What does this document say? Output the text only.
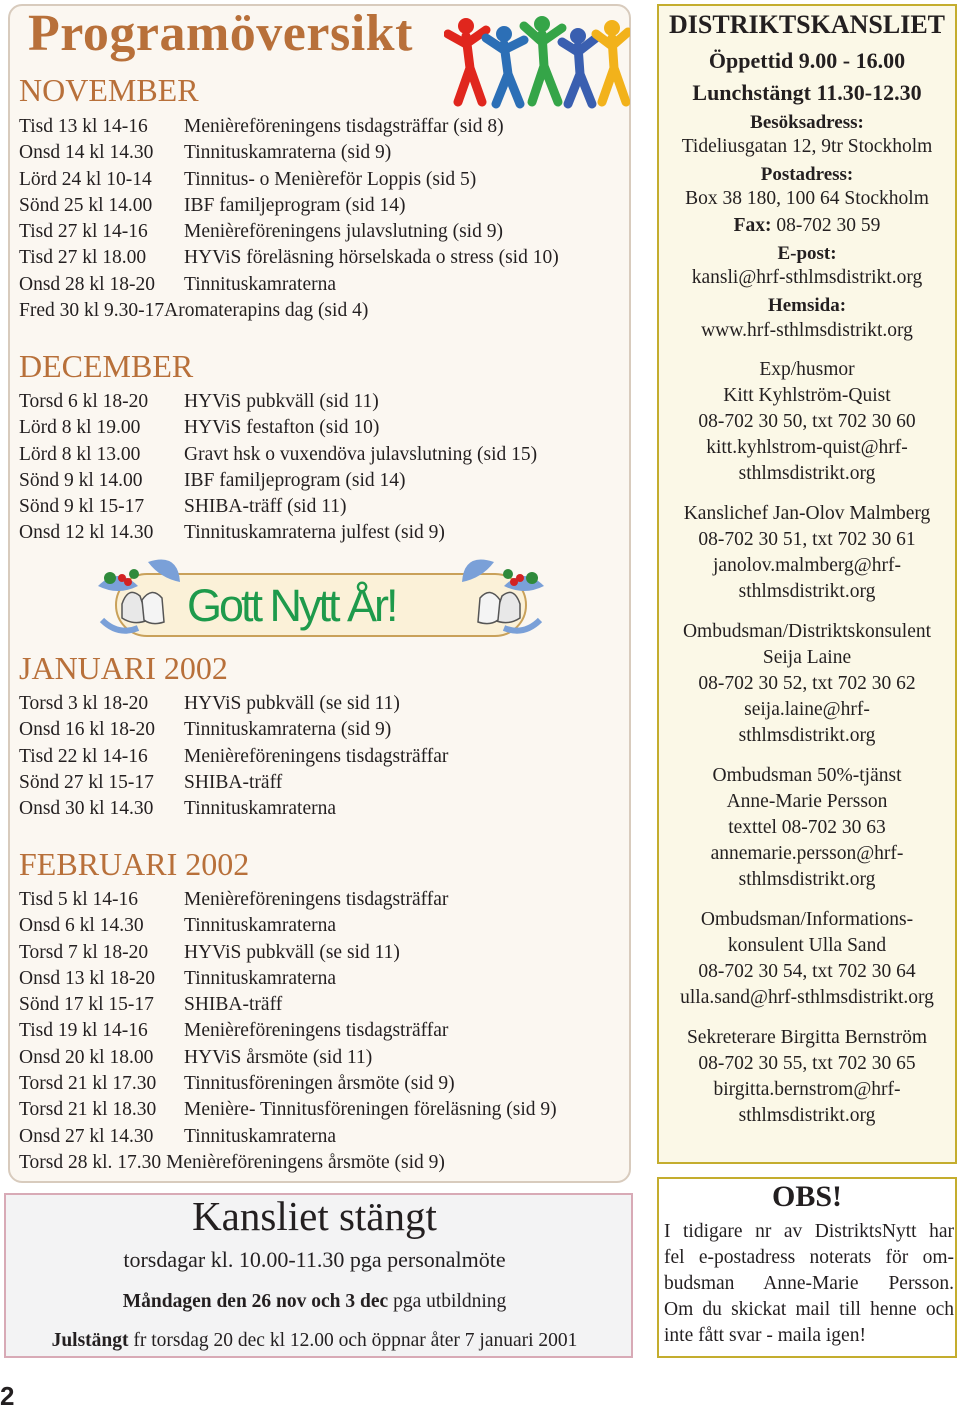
Programöversikt
NOVEMBER
Tisd 13 kl 14-16 Menièreföreningens tisdagsträffar (sid 8)
Onsd 14 kl 14.30 Tinnituskamraterna (sid 9)
Lörd 24 kl 10-14 Tinnitus- o Menièreför Loppis (sid 5)
Sönd 25 kl 14.00 IBF familjeprogram (sid 14)
Tisd 27 kl 14-16 Menièreföreningens julavslutning (sid 9)
Tisd 27 kl 18.00 HYViS föreläsning hörselskada o stress (sid 10)
Onsd 28 kl 18-20 Tinnituskamraterna
Fred 30 kl 9.30-17Aromaterapins dag (sid 4)
DECEMBER
Torsd 6 kl 18-20 HYViS pubkväll (sid 11)
Lörd 8 kl 19.00 HYViS festafton (sid 10)
Lörd 8 kl 13.00 Gravt hsk o vuxendöva julavslutning (sid 15)
Sönd 9 kl 14.00 IBF familjeprogram (sid 14)
Sönd 9 kl 15-17 SHIBA-träff (sid 11)
Onsd 12 kl 14.30 Tinnituskamraterna julfest (sid 9)
Gott Nytt År!
JANUARI 2002
Torsd 3 kl 18-20 HYViS pubkväll (se sid 11)
Onsd 16 kl 18-20 Tinnituskamraterna (sid 9)
Tisd 22 kl 14-16 Menièreföreningens tisdagsträffar
Sönd 27 kl 15-17 SHIBA-träff
Onsd 30 kl 14.30 Tinnituskamraterna
FEBRUARI 2002
Tisd 5 kl 14-16 Menièreföreningens tisdagsträffar
Onsd 6 kl 14.30 Tinnituskamraterna
Torsd 7 kl 18-20 HYViS pubkväll (se sid 11)
Onsd 13 kl 18-20 Tinnituskamraterna
Sönd 17 kl 15-17 SHIBA-träff
Tisd 19 kl 14-16 Menièreföreningens tisdagsträffar
Onsd 20 kl 18.00 HYViS årsmöte (sid 11)
Torsd 21 kl 17.30 Tinnitusföreningen årsmöte (sid 9)
Torsd 21 kl 18.30 Menière- Tinnitusföreningen föreläsning (sid 9)
Onsd 27 kl 14.30 Tinnituskamraterna
Torsd 28 kl. 17.30 Menièreföreningens årsmöte (sid 9)
Kansliet stängt
torsdagar kl. 10.00-11.30 pga personalmöte
Måndagen den 26 nov och 3 dec pga utbildning
Julstängt fr torsdag 20 dec kl 12.00 och öppnar åter 7 januari 2001
DISTRIKTSKANSLIET
Öppettid 9.00 - 16.00
Lunchstängt 11.30-12.30
Besöksadress:
Tideliusgatan 12, 9tr Stockholm
Postadress:
Box 38 180, 100 64 Stockholm
Fax: 08-702 30 59
E-post:
kansli@hrf-sthlmsdistrikt.org
Hemsida:
www.hrf-sthlmsdistrikt.org
Exp/husmor
Kitt Kyhlström-Quist
08-702 30 50, txt 702 30 60
kitt.kyhlstrom-quist@hrf-
sthlmsdistrikt.org
Kanslichef Jan-Olov Malmberg
08-702 30 51, txt 702 30 61
janolov.malmberg@hrf-
sthlmsdistrikt.org
Ombudsman/Distriktskonsulent
Seija Laine
08-702 30 52, txt 702 30 62
seija.laine@hrf-
sthlmsdistrikt.org
Ombudsman 50%-tjänst
Anne-Marie Persson
texttel 08-702 30 63
annemarie.persson@hrf-
sthlmsdistrikt.org
Ombudsman/Informations-
konsulent Ulla Sand
08-702 30 54, txt 702 30 64
ulla.sand@hrf-sthlmsdistrikt.org
Sekreterare Birgitta Bernström
08-702 30 55, txt 702 30 65
birgitta.bernstrom@hrf-
sthlmsdistrikt.org
OBS!
I tidigare nr av DistriktsNytt har
fel e-postadress noterats för om-
budsman Anne-Marie Persson.
Om du skickat mail till henne och
inte fått svar - maila igen!
2
